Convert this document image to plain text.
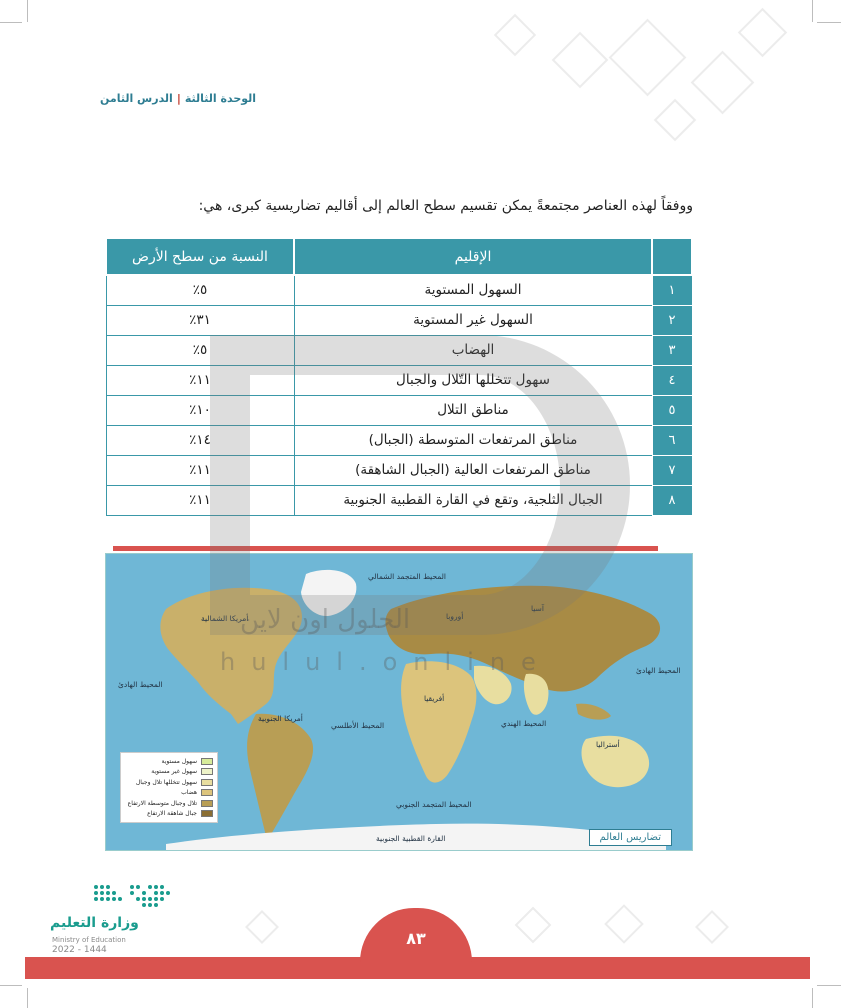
الوحدة الثالثة|الدرس الثامن
ووفقاً لهذه العناصر مجتمعةً يمكن تقسيم سطح العالم إلى أقاليم تضاريسية كبرى، هي:
	الإقليم	النسبة من سطح الأرض
١	السهول المستوية	٥٪
٢	السهول غير المستوية	٣١٪
٣	الهضاب	٥٪
٤	سهول تتخللها التّلال والجبال	١١٪
٥	مناطق التلال	١٠٪
٦	مناطق المرتفعات المتوسطة (الجبال)	١٤٪
٧	مناطق المرتفعات العالية (الجبال الشاهقة)	١١٪
٨	الجبال الثلجية، وتقع في القارة القطبية الجنوبية	١١٪
المحيط المتجمد الشمالي
أمريكا الشمالية	أوروبا
آسيا
المحيط الهادئ
المحيط الهادئ
أفريقيا
أمريكا الجنوبية
المحيط الأطلسي	المحيط الهندي
أستراليا
المحيط المتجمد الجنوبي
القارة القطبية الجنوبية
سهول مستوية
سهول غير مستوية
سهول تتخللها تلال وجبال
هضاب
تلال وجبال متوسطة الارتفاع
جبال شاهقة الارتفاع
تضاريس العالم
الحلول اون لاين
hulul.online
وزارة التعليم
Ministry of Education
2022 - 1444
٨٣
